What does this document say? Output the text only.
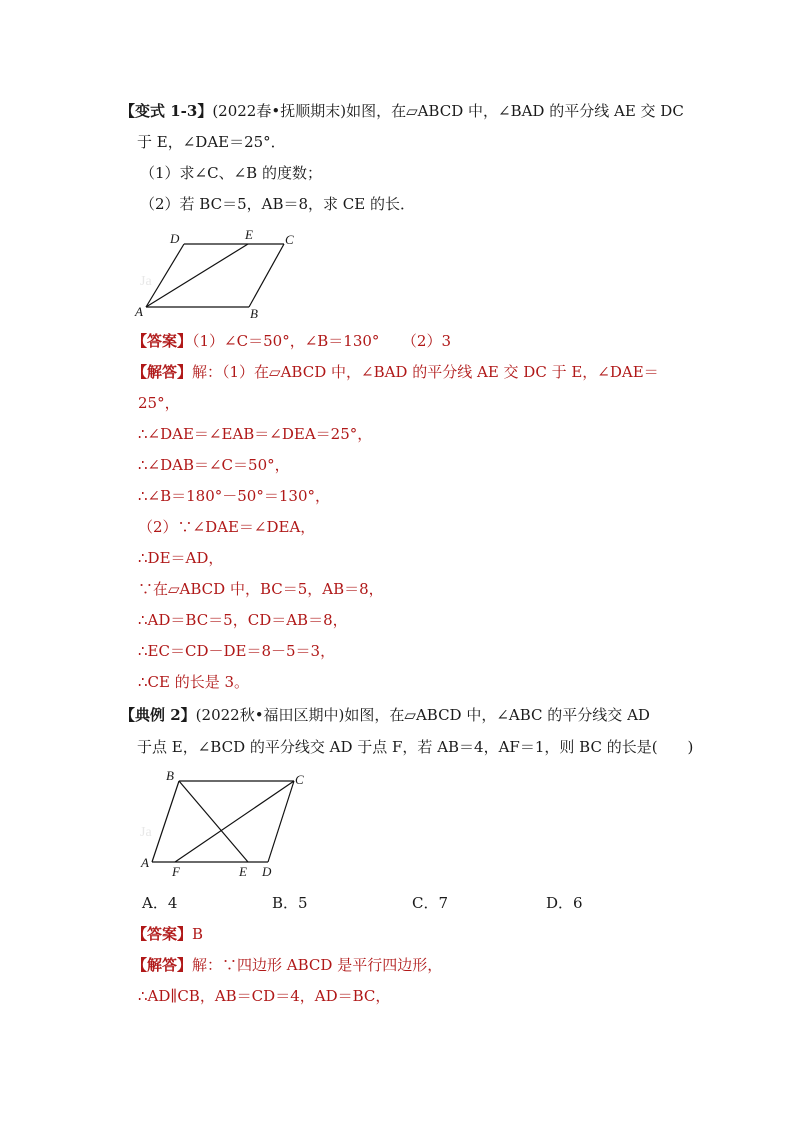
【变式 1-3】(2022春•抚顺期末)如图，在▱ABCD 中，∠BAD 的平分线 AE 交 DC
于 E，∠DAE＝25°．
（1）求∠C、∠B 的度数；
（2）若 BC＝5，AB＝8，求 CE 的长．
Ja
D	E C
A	B
【答案】（1）∠C＝50°，∠B＝130°　　（2）3
【解答】解：（1）在▱ABCD 中，∠BAD 的平分线 AE 交 DC 于 E，∠DAE＝
25°，
∴∠DAE＝∠EAB＝∠DEA＝25°，
∴∠DAB＝∠C＝50°，
∴∠B＝180°－50°＝130°，
（2）∵∠DAE＝∠DEA，
∴DE＝AD，
∵在▱ABCD 中，BC＝5，AB＝8，
∴AD＝BC＝5，CD＝AB＝8，
∴EC＝CD－DE＝8－5＝3，
∴CE 的长是 3。
【典例 2】(2022秋•福田区期中)如图，在▱ABCD 中，∠ABC 的平分线交 AD
于点 E，∠BCD 的平分线交 AD 于点 F，若 AB＝4，AF＝1，则 BC 的长是(　　)
Ja
B	C
A
F	E D
A．4	B．5	C．7	D．6
【答案】B
【解答】解：∵四边形 ABCD 是平行四边形，
∴AD∥CB，AB＝CD＝4，AD＝BC，
